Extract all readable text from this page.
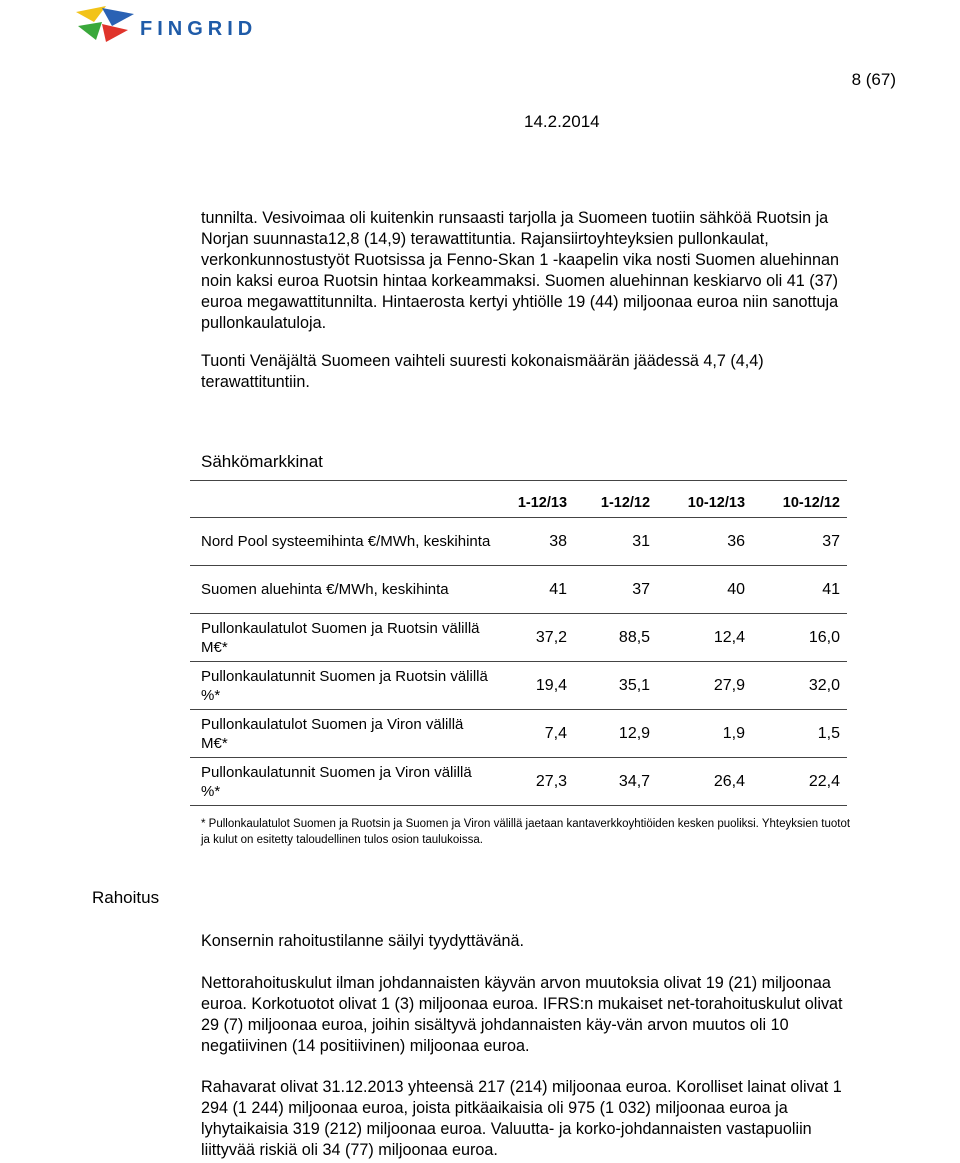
FINGRID
8 (67)
14.2.2014

tunnilta. Vesivoimaa oli kuitenkin runsaasti tarjolla ja Suomeen tuotiin sähköä Ruotsin ja Norjan suunnasta12,8 (14,9) terawattituntia. Rajansiirtoyhteyksien pullonkaulat, verkonkunnostustyöt Ruotsissa ja Fenno-Skan 1 -kaapelin vika nosti Suomen aluehinnan noin kaksi euroa Ruotsin hintaa korkeammaksi. Suomen aluehinnan keskiarvo oli 41 (37) euroa megawattitunnilta. Hintaerosta kertyi yhtiölle 19 (44) miljoonaa euroa niin sanottuja pullonkaulatuloja.

Tuonti Venäjältä Suomeen vaihteli suuresti kokonaismäärän jäädessä 4,7 (4,4) terawattituntiin.

Sähkömarkkinat
	1-12/13	1-12/12	10-12/13	10-12/12
Nord Pool systeemihinta €/MWh, keskihinta	38	31	36	37
Suomen aluehinta €/MWh, keskihinta	41	37	40	41
Pullonkaulatulot Suomen ja Ruotsin välillä M€*	37,2	88,5	12,4	16,0
Pullonkaulatunnit Suomen ja Ruotsin välillä %*	19,4	35,1	27,9	32,0
Pullonkaulatulot Suomen ja Viron välillä M€*	7,4	12,9	1,9	1,5
Pullonkaulatunnit Suomen ja Viron välillä %*	27,3	34,7	26,4	22,4

* Pullonkaulatulot Suomen ja Ruotsin ja Suomen ja Viron välillä jaetaan kantaverkkoyhtiöiden kesken puoliksi. Yhteyksien tuotot ja kulut on esitetty taloudellinen tulos osion taulukoissa.

Rahoitus

Konsernin rahoitustilanne säilyi tyydyttävänä.

Nettorahoituskulut ilman johdannaisten käyvän arvon muutoksia olivat 19 (21) miljoonaa euroa. Korkotuotot olivat 1 (3) miljoonaa euroa. IFRS:n mukaiset net-torahoituskulut olivat 29 (7) miljoonaa euroa, joihin sisältyvä johdannaisten käy-vän arvon muutos oli 10 negatiivinen (14 positiivinen) miljoonaa euroa.

Rahavarat olivat 31.12.2013 yhteensä 217 (214) miljoonaa euroa. Korolliset lainat olivat 1 294 (1 244) miljoonaa euroa, joista pitkäaikaisia oli 975 (1 032) miljoonaa euroa ja lyhytaikaisia 319 (212) miljoonaa euroa. Valuutta- ja korko-johdannaisten vastapuoliin liittyvää riskiä oli 34 (77) miljoonaa euroa.
